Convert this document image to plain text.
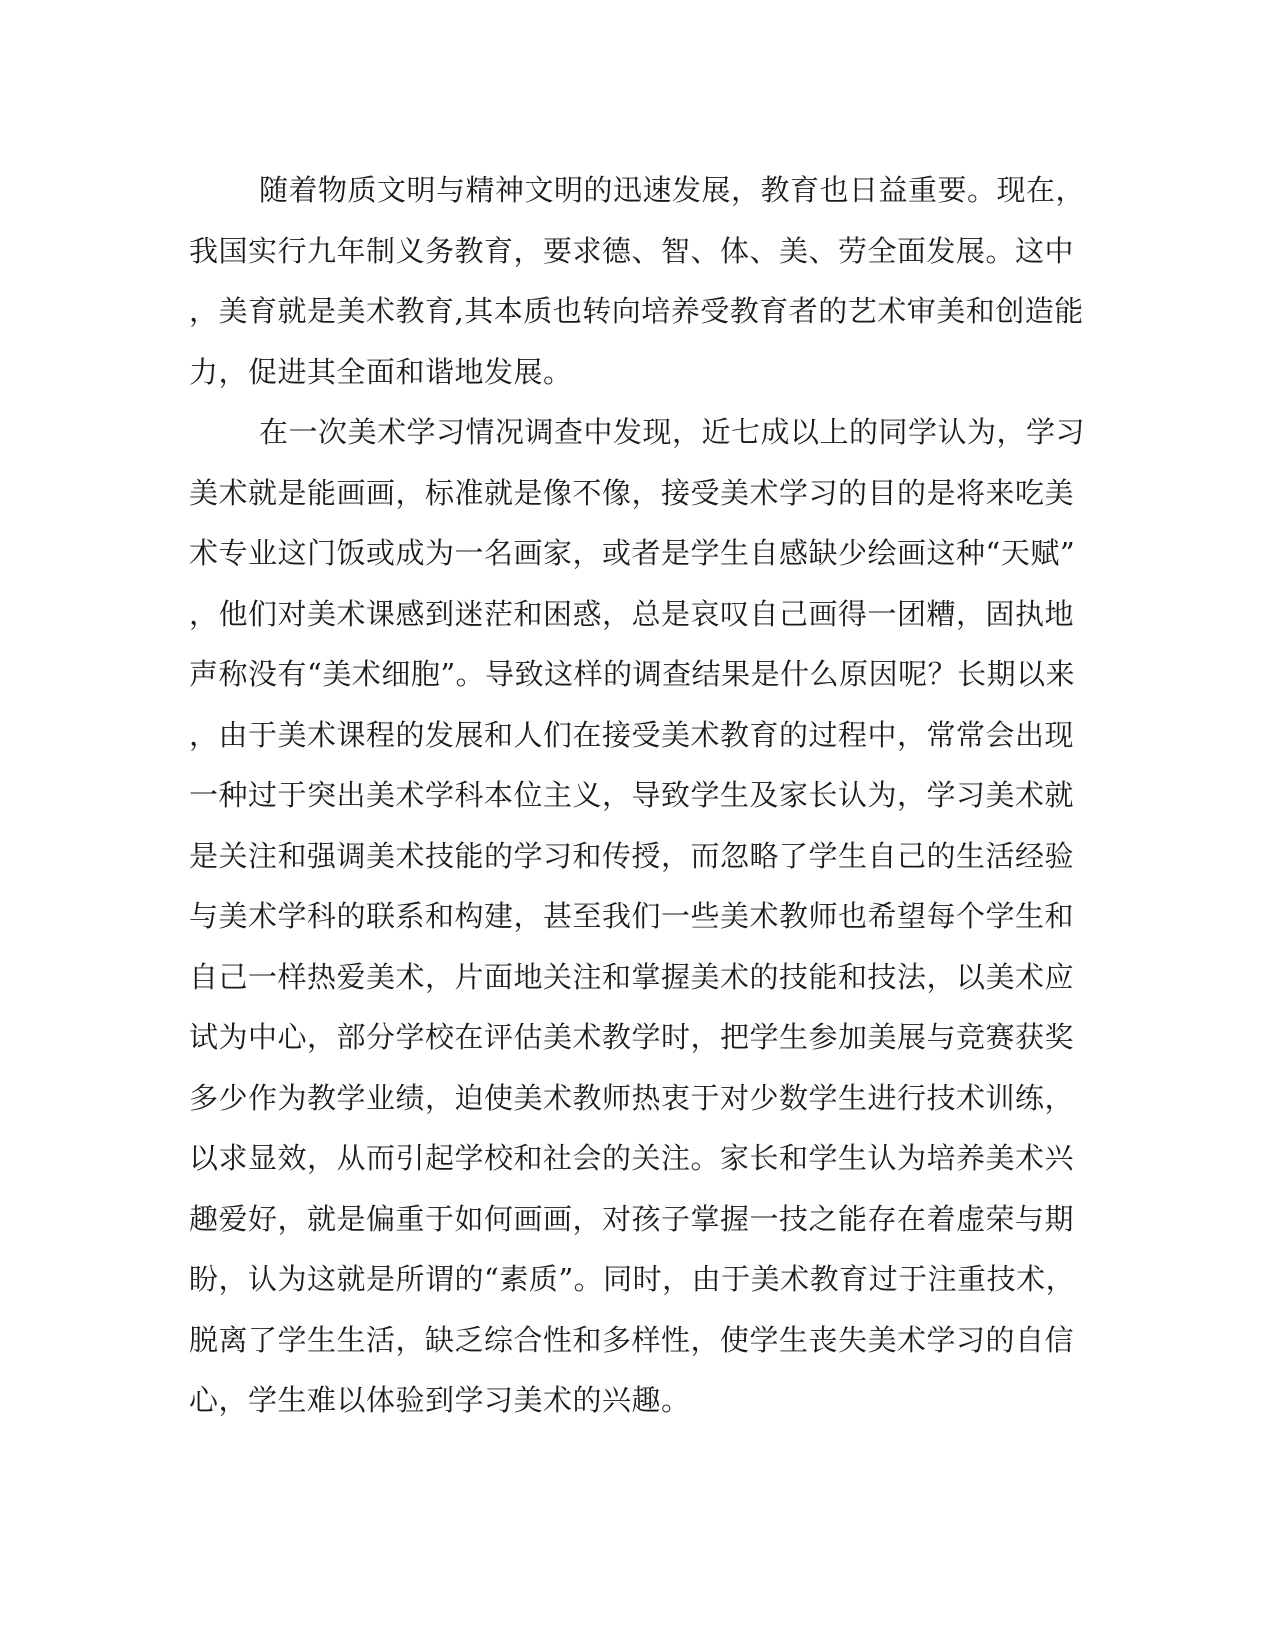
随着物质文明与精神文明的迅速发展，教育也日益重要。现在，
我国实行九年制义务教育，要求德、智、体、美、劳全面发展。这中
，美育就是美术教育,其本质也转向培养受教育者的艺术审美和创造能
力，促进其全面和谐地发展。
在一次美术学习情况调查中发现，近七成以上的同学认为，学习
美术就是能画画，标准就是像不像，接受美术学习的目的是将来吃美
术专业这门饭或成为一名画家，或者是学生自感缺少绘画这种“天赋”
，他们对美术课感到迷茫和困惑，总是哀叹自己画得一团糟，固执地
声称没有“美术细胞”。导致这样的调查结果是什么原因呢？长期以来
，由于美术课程的发展和人们在接受美术教育的过程中，常常会出现
一种过于突出美术学科本位主义，导致学生及家长认为，学习美术就
是关注和强调美术技能的学习和传授，而忽略了学生自己的生活经验
与美术学科的联系和构建，甚至我们一些美术教师也希望每个学生和
自己一样热爱美术，片面地关注和掌握美术的技能和技法，以美术应
试为中心，部分学校在评估美术教学时，把学生参加美展与竞赛获奖
多少作为教学业绩，迫使美术教师热衷于对少数学生进行技术训练，
以求显效，从而引起学校和社会的关注。家长和学生认为培养美术兴
趣爱好，就是偏重于如何画画，对孩子掌握一技之能存在着虚荣与期
盼，认为这就是所谓的“素质”。同时，由于美术教育过于注重技术，
脱离了学生生活，缺乏综合性和多样性，使学生丧失美术学习的自信
心，学生难以体验到学习美术的兴趣。
